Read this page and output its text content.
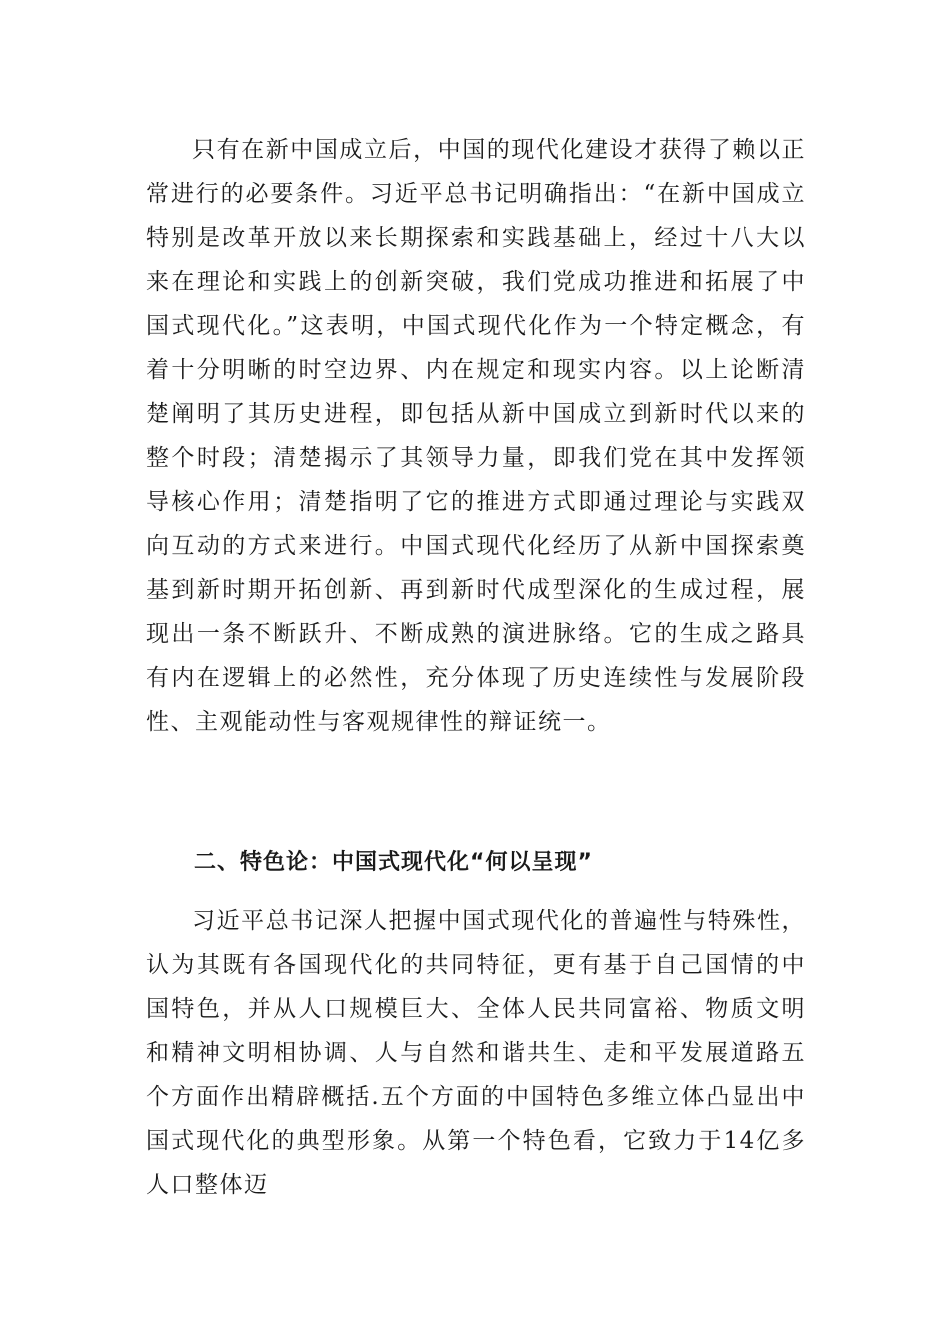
只有在新中国成立后，中国的现代化建设才获得了赖以正常进行的必要条件。习近平总书记明确指出：“在新中国成立特别是改革开放以来长期探索和实践基础上，经过十八大以来在理论和实践上的创新突破，我们党成功推进和拓展了中国式现代化。”这表明，中国式现代化作为一个特定概念，有着十分明晰的时空边界、内在规定和现实内容。以上论断清楚阐明了其历史进程，即包括从新中国成立到新时代以来的整个时段；清楚揭示了其领导力量，即我们党在其中发挥领导核心作用；清楚指明了它的推进方式即通过理论与实践双向互动的方式来进行。中国式现代化经历了从新中国探索奠基到新时期开拓创新、再到新时代成型深化的生成过程，展现出一条不断跃升、不断成熟的演进脉络。它的生成之路具有内在逻辑上的必然性，充分体现了历史连续性与发展阶段性、主观能动性与客观规律性的辩证统一。

二、特色论：中国式现代化“何以呈现”

习近平总书记深人把握中国式现代化的普遍性与特殊性，认为其既有各国现代化的共同特征，更有基于自己国情的中国特色，并从人口规模巨大、全体人民共同富裕、物质文明和精神文明相协调、人与自然和谐共生、走和平发展道路五个方面作出精辟概括.五个方面的中国特色多维立体凸显出中国式现代化的典型形象。从第一个特色看，它致力于14亿多人口整体迈
